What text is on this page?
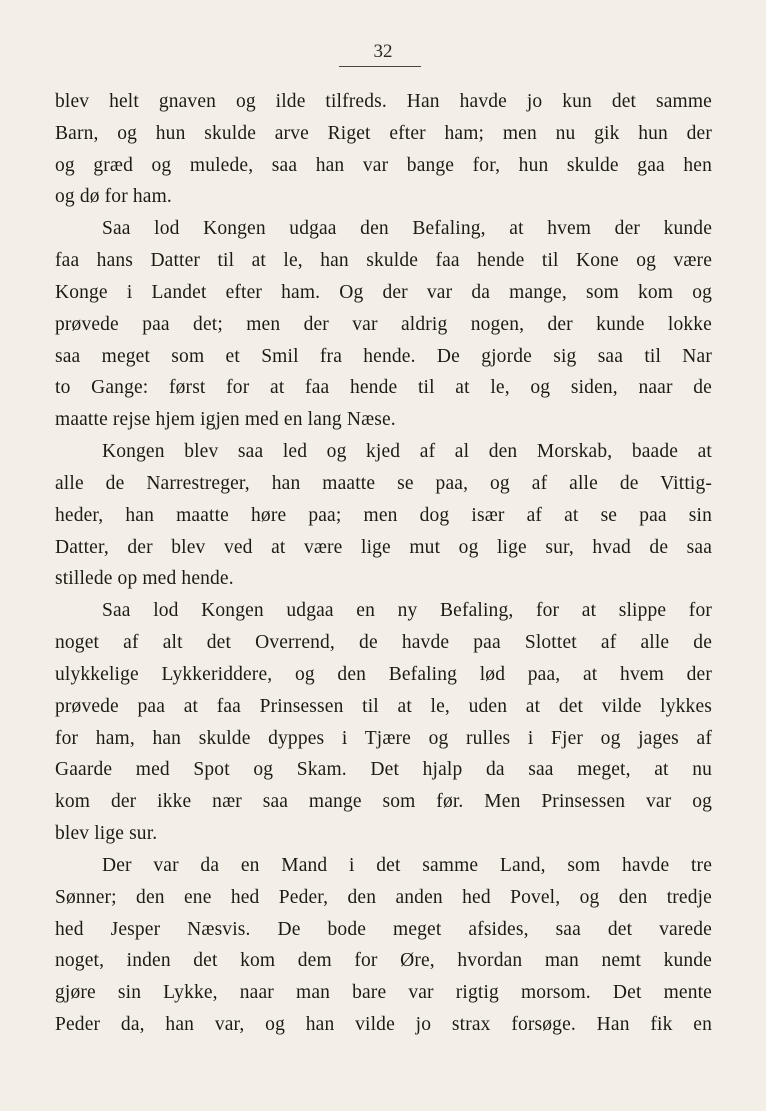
32
blev helt gnaven og ilde tilfreds. Han havde jo kun det samme
Barn, og hun skulde arve Riget efter ham; men nu gik hun der
og græd og mulede, saa han var bange for, hun skulde gaa hen
og dø for ham.
Saa lod Kongen udgaa den Befaling, at hvem der kunde
faa hans Datter til at le, han skulde faa hende til Kone og være
Konge i Landet efter ham. Og der var da mange, som kom og
prøvede paa det; men der var aldrig nogen, der kunde lokke
saa meget som et Smil fra hende. De gjorde sig saa til Nar
to Gange: først for at faa hende til at le, og siden, naar de
maatte rejse hjem igjen med en lang Næse.
Kongen blev saa led og kjed af al den Morskab, baade at
alle de Narrestreger, han maatte se paa, og af alle de Vittig-
heder, han maatte høre paa; men dog især af at se paa sin
Datter, der blev ved at være lige mut og lige sur, hvad de saa
stillede op med hende.
Saa lod Kongen udgaa en ny Befaling, for at slippe for
noget af alt det Overrend, de havde paa Slottet af alle de
ulykkelige Lykkeriddere, og den Befaling lød paa, at hvem der
prøvede paa at faa Prinsessen til at le, uden at det vilde lykkes
for ham, han skulde dyppes i Tjære og rulles i Fjer og jages af
Gaarde med Spot og Skam. Det hjalp da saa meget, at nu
kom der ikke nær saa mange som før. Men Prinsessen var og
blev lige sur.
Der var da en Mand i det samme Land, som havde tre
Sønner; den ene hed Peder, den anden hed Povel, og den tredje
hed Jesper Næsvis. De bode meget afsides, saa det varede
noget, inden det kom dem for Øre, hvordan man nemt kunde
gjøre sin Lykke, naar man bare var rigtig morsom. Det mente
Peder da, han var, og han vilde jo strax forsøge. Han fik en
